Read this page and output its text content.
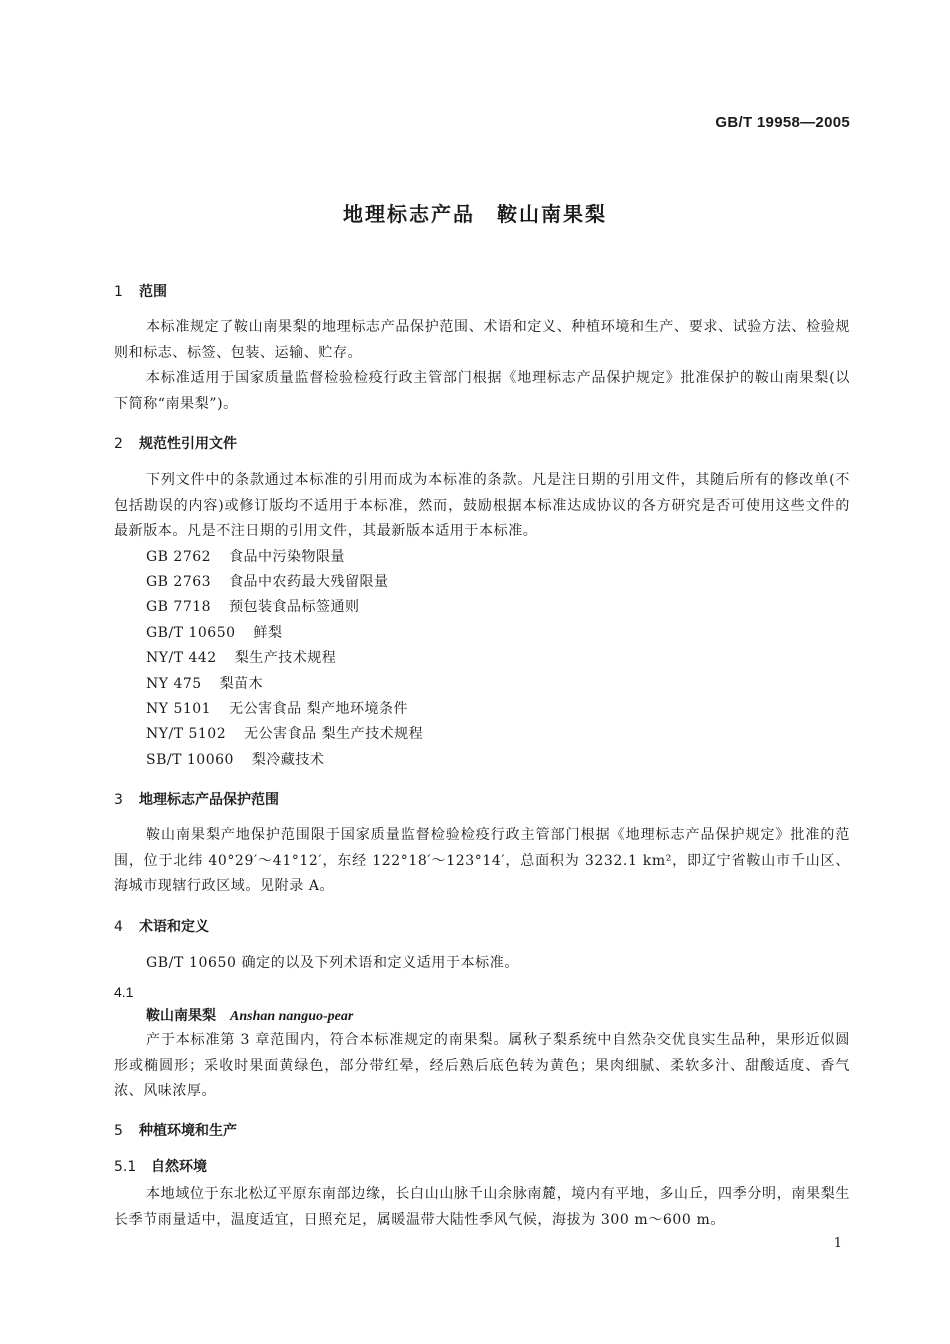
GB/T 19958—2005
地理标志产品　鞍山南果梨
1 范围

本标准规定了鞍山南果梨的地理标志产品保护范围、术语和定义、种植环境和生产、要求、试验方法、检验规则和标志、标签、包装、运输、贮存。

本标准适用于国家质量监督检验检疫行政主管部门根据《地理标志产品保护规定》批准保护的鞍山南果梨(以下简称“南果梨”)。

2 规范性引用文件

下列文件中的条款通过本标准的引用而成为本标准的条款。凡是注日期的引用文件，其随后所有的修改单(不包括勘误的内容)或修订版均不适用于本标准，然而，鼓励根据本标准达成协议的各方研究是否可使用这些文件的最新版本。凡是不注日期的引用文件，其最新版本适用于本标准。

GB 2762 食品中污染物限量
GB 2763 食品中农药最大残留限量
GB 7718 预包装食品标签通则
GB/T 10650 鲜梨
NY/T 442 梨生产技术规程
NY 475 梨苗木
NY 5101 无公害食品 梨产地环境条件
NY/T 5102 无公害食品 梨生产技术规程
SB/T 10060 梨冷藏技术
3 地理标志产品保护范围

鞍山南果梨产地保护范围限于国家质量监督检验检疫行政主管部门根据《地理标志产品保护规定》批准的范围，位于北纬 40°29′～41°12′，东经 122°18′～123°14′，总面积为 3232.1 km²，即辽宁省鞍山市千山区、海城市现辖行政区域。见附录 A。

4 术语和定义

GB/T 10650 确定的以及下列术语和定义适用于本标准。

4.1
鞍山南果梨 Anshan nanguo-pear

产于本标准第 3 章范围内，符合本标准规定的南果梨。属秋子梨系统中自然杂交优良实生品种，果形近似圆形或椭圆形；采收时果面黄绿色，部分带红晕，经后熟后底色转为黄色；果肉细腻、柔软多汁、甜酸适度、香气浓、风味浓厚。

5 种植环境和生产
5.1 自然环境

本地域位于东北松辽平原东南部边缘，长白山山脉千山余脉南麓，境内有平地，多山丘，四季分明，南果梨生长季节雨量适中，温度适宜，日照充足，属暖温带大陆性季风气候，海拔为 300 m～600 m。

1
